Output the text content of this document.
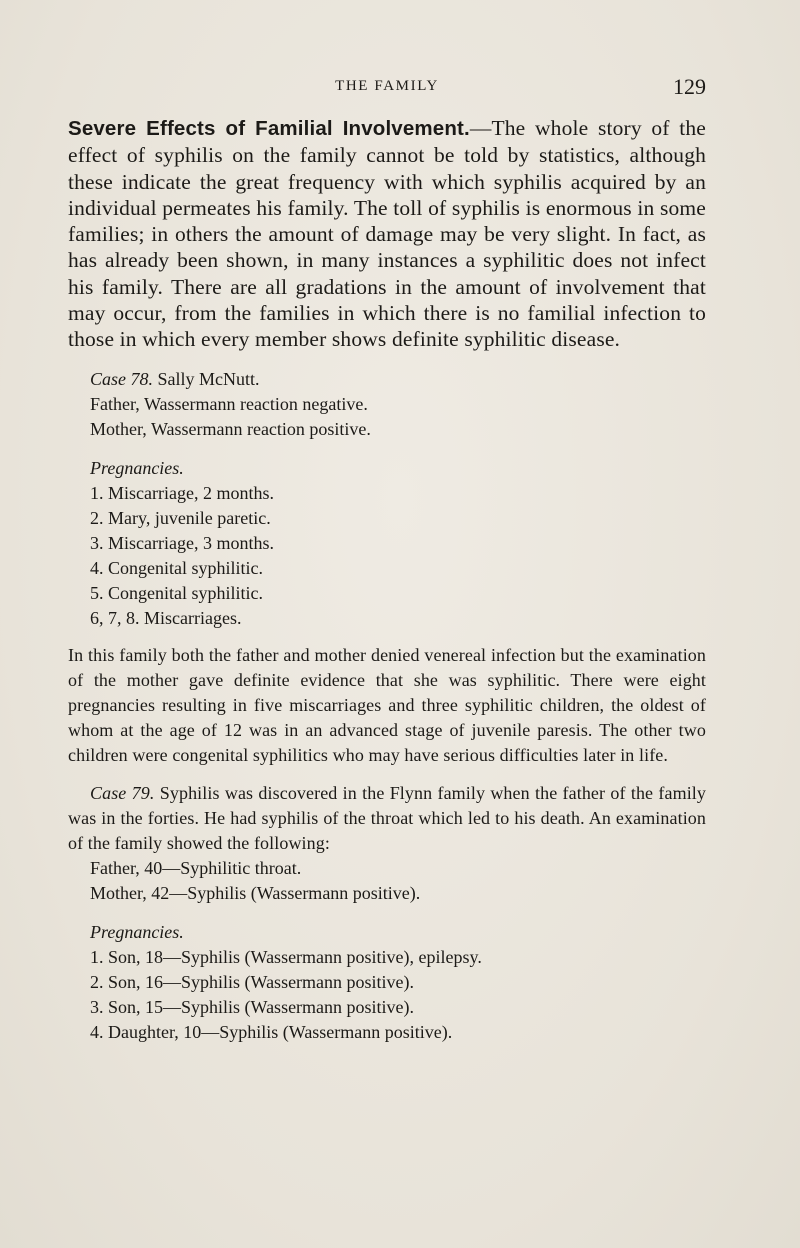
THE FAMILY	129

Severe Effects of Familial Involvement.—The whole story of the effect of syphilis on the family cannot be told by statistics, although these indicate the great frequency with which syphilis acquired by an individual permeates his family. The toll of syphilis is enormous in some families; in others the amount of damage may be very slight. In fact, as has already been shown, in many instances a syphilitic does not infect his family. There are all gradations in the amount of involvement that may occur, from the families in which there is no familial infection to those in which every member shows definite syphilitic disease.

Case 78. Sally McNutt.
Father, Wassermann reaction negative.
Mother, Wassermann reaction positive.
Pregnancies.
1. Miscarriage, 2 months.
2. Mary, juvenile paretic.
3. Miscarriage, 3 months.
4. Congenital syphilitic.
5. Congenital syphilitic.
6, 7, 8. Miscarriages.

In this family both the father and mother denied venereal infection but the examination of the mother gave definite evidence that she was syphilitic. There were eight pregnancies resulting in five miscarriages and three syphilitic children, the oldest of whom at the age of 12 was in an advanced stage of juvenile paresis. The other two children were congenital syphilitics who may have serious difficulties later in life.

Case 79. Syphilis was discovered in the Flynn family when the father of the family was in the forties. He had syphilis of the throat which led to his death. An examination of the family showed the following:

Father, 40—Syphilitic throat.
Mother, 42—Syphilis (Wassermann positive).
Pregnancies.
1. Son, 18—Syphilis (Wassermann positive), epilepsy.
2. Son, 16—Syphilis (Wassermann positive).
3. Son, 15—Syphilis (Wassermann positive).
4. Daughter, 10—Syphilis (Wassermann positive).
